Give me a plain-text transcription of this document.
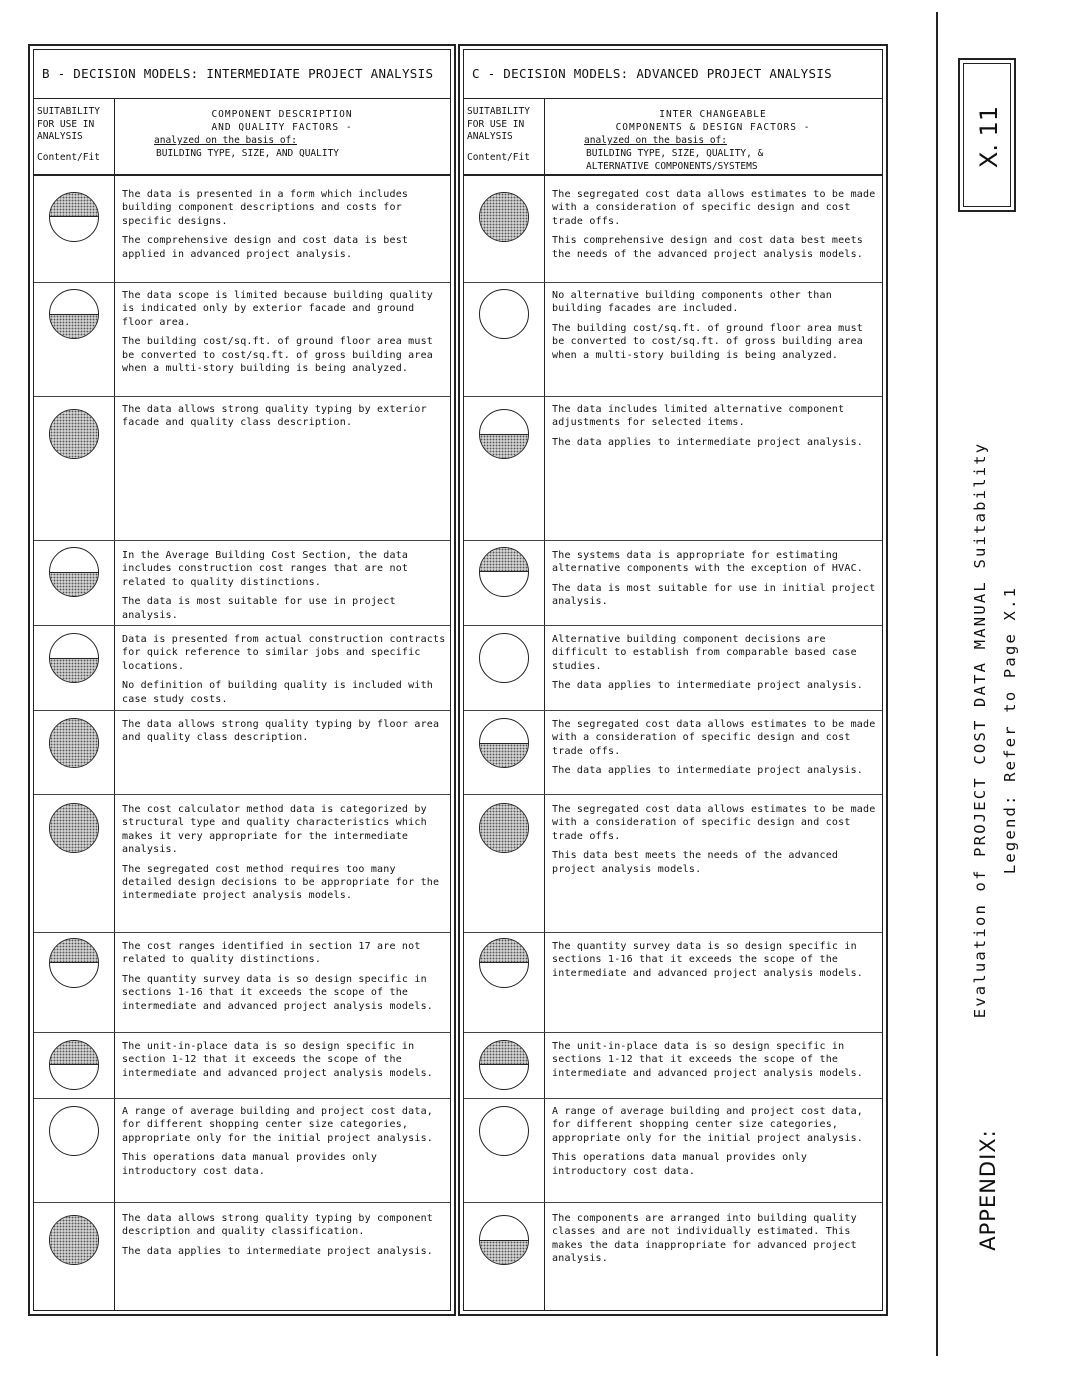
B - DECISION MODELS: INTERMEDIATE PROJECT ANALYSIS
SUITABILITY
FOR USE IN
ANALYSIS
Content/Fit
COMPONENT DESCRIPTION
AND QUALITY FACTORS -
analyzed on the basis of:
BUILDING TYPE, SIZE, AND QUALITY

The data is presented in a form which includes building component descriptions and costs for specific designs.

The comprehensive design and cost data is best applied in advanced project analysis.

The data scope is limited because building quality is indicated only by exterior facade and ground floor area.

The building cost/sq.ft. of ground floor area must be converted to cost/sq.ft. of gross building area when a multi-story building is being analyzed.

The data allows strong quality typing by exterior facade and quality class description.

In the Average Building Cost Section, the data includes construction cost ranges that are not related to quality distinctions.

The data is most suitable for use in project analysis.

Data is presented from actual construction contracts for quick reference to similar jobs and specific locations.

No definition of building quality is included with case study costs.

The data allows strong quality typing by floor area and quality class description.

The cost calculator method data is categorized by structural type and quality characteristics which makes it very appropriate for the intermediate analysis.

The segregated cost method requires too many detailed design decisions to be appropriate for the intermediate project analysis models.

The cost ranges identified in section 17 are not related to quality distinctions.

The quantity survey data is so design specific in sections 1-16 that it exceeds the scope of the intermediate and advanced project analysis models.

The unit-in-place data is so design specific in section 1-12 that it exceeds the scope of the intermediate and advanced project analysis models.

A range of average building and project cost data, for different shopping center size categories, appropriate only for the initial project analysis.

This operations data manual provides only introductory cost data.

The data allows strong quality typing by component description and quality classification.

The data applies to intermediate project analysis.

C - DECISION MODELS: ADVANCED PROJECT ANALYSIS
SUITABILITY
FOR USE IN
ANALYSIS
Content/Fit
INTER CHANGEABLE
COMPONENTS & DESIGN FACTORS -
analyzed on the basis of:
BUILDING TYPE, SIZE, QUALITY, &
ALTERNATIVE COMPONENTS/SYSTEMS

The segregated cost data allows estimates to be made with a consideration of specific design and cost trade offs.

This comprehensive design and cost data best meets the needs of the advanced project analysis models.

No alternative building components other than building facades are included.

The building cost/sq.ft. of ground floor area must be converted to cost/sq.ft. of gross building area when a multi-story building is being analyzed.

The data includes limited alternative component adjustments for selected items.

The data applies to intermediate project analysis.

The systems data is appropriate for estimating alternative components with the exception of HVAC.

The data is most suitable for use in initial project analysis.

Alternative building component decisions are difficult to establish from comparable based case studies.

The data applies to intermediate project analysis.

The segregated cost data allows estimates to be made with a consideration of specific design and cost trade offs.

The data applies to intermediate project analysis.

The segregated cost data allows estimates to be made with a consideration of specific design and cost trade offs.

This data best meets the needs of the advanced project analysis models.

The quantity survey data is so design specific in sections 1-16 that it exceeds the scope of the intermediate and advanced project analysis models.

The unit-in-place data is so design specific in sections 1-12 that it exceeds the scope of the intermediate and advanced project analysis models.

A range of average building and project cost data, for different shopping center size categories, appropriate only for the initial project analysis.

This operations data manual provides only introductory cost data.

The components are arranged into building quality classes and are not individually estimated. This makes the data inappropriate for advanced project analysis.

X. 11
Evaluation of PROJECT COST DATA MANUAL Suitability Legend: Refer to Page X.1
APPENDIX:
